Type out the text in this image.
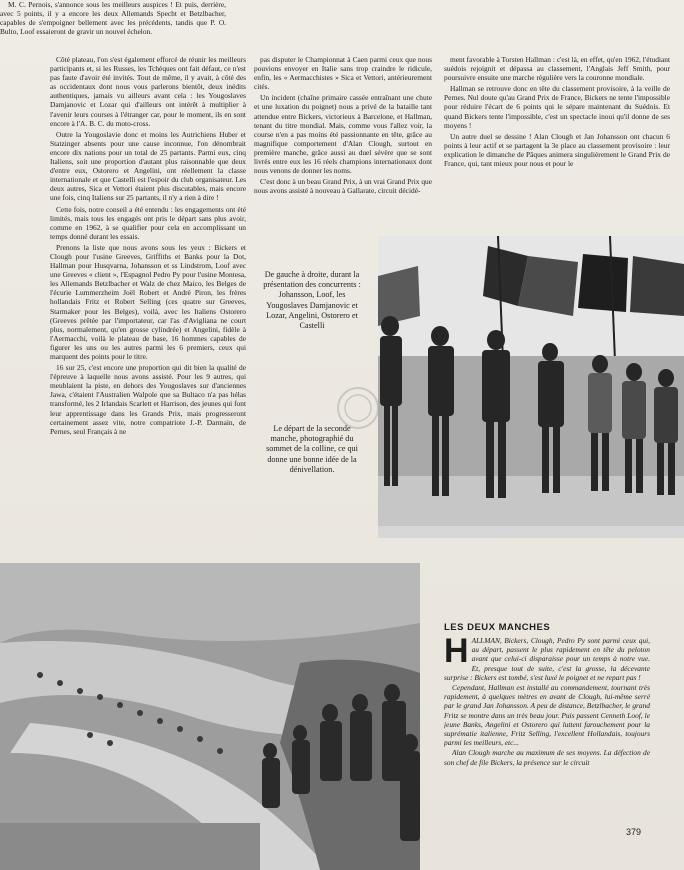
Côté plateau, l'on s'est également efforcé de réunir les meilleurs participants et, si les Russes, les Tchèques ont fait défaut, ce n'est pas faute d'avoir été invités. Tout de même, il y avait, à côté des as occidentaux dont nous vous parlerons bientôt, deux inédits authentiques, jamais vu ailleurs avant cela : les Yougoslaves Damjanovic et Lozar qui d'ailleurs ont intérêt à multiplier à l'avenir leurs courses à l'étranger car, pour le moment, ils en sont encore à l'A. B. C. du moto-cross.

Outre la Yougoslavie donc et moins les Autrichiens Huber et Statzinger absents pour une cause inconnue, l'on dénombrait encore dix nations pour un total de 25 partants. Parmi eux, cinq Italiens, soit une proportion d'autant plus raisonnable que deux d'entre eux, Ostorero et Angelini, ont réellement la classe internationale et que Castelli est l'espoir du club organisateur. Les deux autres, Sica et Vettori étaient plus discutables, mais encore une fois, cinq Italiens sur 25 partants, il n'y a rien à dire !

Cette fois, notre conseil a été entendu : les engagements ont été limités, mais tous les engagés ont pris le départ sans plus avoir, comme en 1962, à se qualifier pour cela en accomplissant un temps donné durant les essais.

Prenons la liste que nous avons sous les yeux : Bickers et Clough pour l'usine Greeves, Griffiths et Banks pour la Dot, Hallman pour Husqvarna, Johansson et ss Lindstrom, Loof avec une Greeves « client », l'Espagnol Pedro Py pour l'usine Montesa, les Allemands Betzlbacher et Walz de chez Maico, les Belges de l'écurie Lummerzheim Joël Robert et André Piron, les frères hollandais Fritz et Robert Selling (ces quatre sur Greeves, Starmaker pour les Belges), voilà, avec les Italiens Ostorero (Greeves prêtée par l'importateur, car l'as d'Avigliana ne court plus, normalement, qu'en grosse cylindrée) et Angelini, fidèle à l'Aermacchi, voilà le plateau de base, 16 hommes capables de figurer les uns ou les autres parmi les 6 premiers, ceux qui marquent des points pour le titre.

16 sur 25, c'est encore une proportion qui dit bien la qualité de l'épreuve à laquelle nous avons assisté. Pour les 9 autres, qui meublaient la piste, en dehors des Yougoslaves sur d'anciennes Jawa, c'étaient l'Australien Walpole que sa Bultaco n'a pas hélas transformé, les 2 Irlandais Scarlett et Harrison, des jeunes qui font leur apprentissage dans les Grands Prix, mais progresseront certainement assez vite, notre compatriote J.-P. Darmain, de Pernes, seul Français à ne

pas disputer le Championnat à Caen parmi ceux que nous pouvions envoyer en Italie sans trop craindre le ridicule, enfin, les « Aermacchistes » Sica et Vettori, antérieurement cités.

Un incident (chaîne primaire cassée entraînant une chute et une luxation du poignet) nous a privé de la bataille tant attendue entre Bickers, victorieux à Barcelone, et Hallman, tenant du titre mondial. Mais, comme vous l'allez voir, la course n'en a pas moins été passionnante en tête, grâce au magnifique comportement d'Alan Clough, surtout en première manche, grâce aussi au duel sévère que se sont livrés entre eux les 16 réels champions internationaux dont nous venons de donner les noms.

C'est donc à un beau Grand Prix, à un vrai Grand Prix que nous avons assisté à nouveau à Gallarate, circuit décidé-

ment favorable à Torsten Hallman : c'est là, en effet, qu'en 1962, l'étudiant suédois rejoignit et dépassa au classement, l'Anglais Jeff Smith, pour poursuivre ensuite une marche régulière vers la couronne mondiale.

Hallman se retrouve donc en tête du classement provisoire, à la veille de Pernes. Nul doute qu'au Grand Prix de France, Bickers ne tente l'impossible pour réduire l'écart de 6 points qui le sépare maintenant du Suédois. Et quand Bickers tente l'impossible, c'est un spectacle inoui qu'il donne de ses moyens !

Un autre duel se dessine ! Alan Clough et Jan Johansson ont chacun 6 points à leur actif et se partagent la 3e place au classement provisoire : leur explication le dimanche de Pâques animera singulièrement le Grand Prix de France, qui, tant mieux pour nous et pour le

De gauche à droite, durant la présentation des concurrents : Johansson, Loof, les Yougoslaves Damjanovic et Lozar, Angelini, Ostorero et Castelli
Le départ de la seconde manche, photographié du sommet de la colline, ce qui donne une bonne idée de la dénivellation.

M. C. Pernois, s'annonce sous les meilleurs auspices ! Et puis, derrière, avec 5 points, il y a encore les deux Allemands Specht et Betzlbacher, capables de s'empoigner bellement avec les précédents, tandis que P. O. Bulto, Loof essaieront de gravir un nouvel échelon.

LES DEUX MANCHES
H ALLMAN, Bickers, Clough, Pedro Py sont parmi ceux qui, au départ, passent le plus rapidement en tête du peloton avant que celui-ci disparaisse pour un temps à notre vue. Et, presque tout de suite, c'est la grosse, la décevante surprise : Bickers est tombé, s'est luxé le poignet et ne repart pas !

Cependant, Hallman est installé au commandement, tournant très rapidement, à quelques mètres en avant de Clough, lui-même serré par le grand Jan Johansson. A peu de distance, Betzlbacher, le grand Fritz se montre dans un très beau jour. Puis passent Cenneth Loof, le jeune Banks, Angelini et Ostorero qui luttent farouchement pour la suprématie italienne, Fritz Selling, l'excellent Hollandais, toujours parmi les meilleurs, etc...

Alan Clough marche au maximum de ses moyens. La défection de son chef de file Bickers, la présence sur le circuit

379
